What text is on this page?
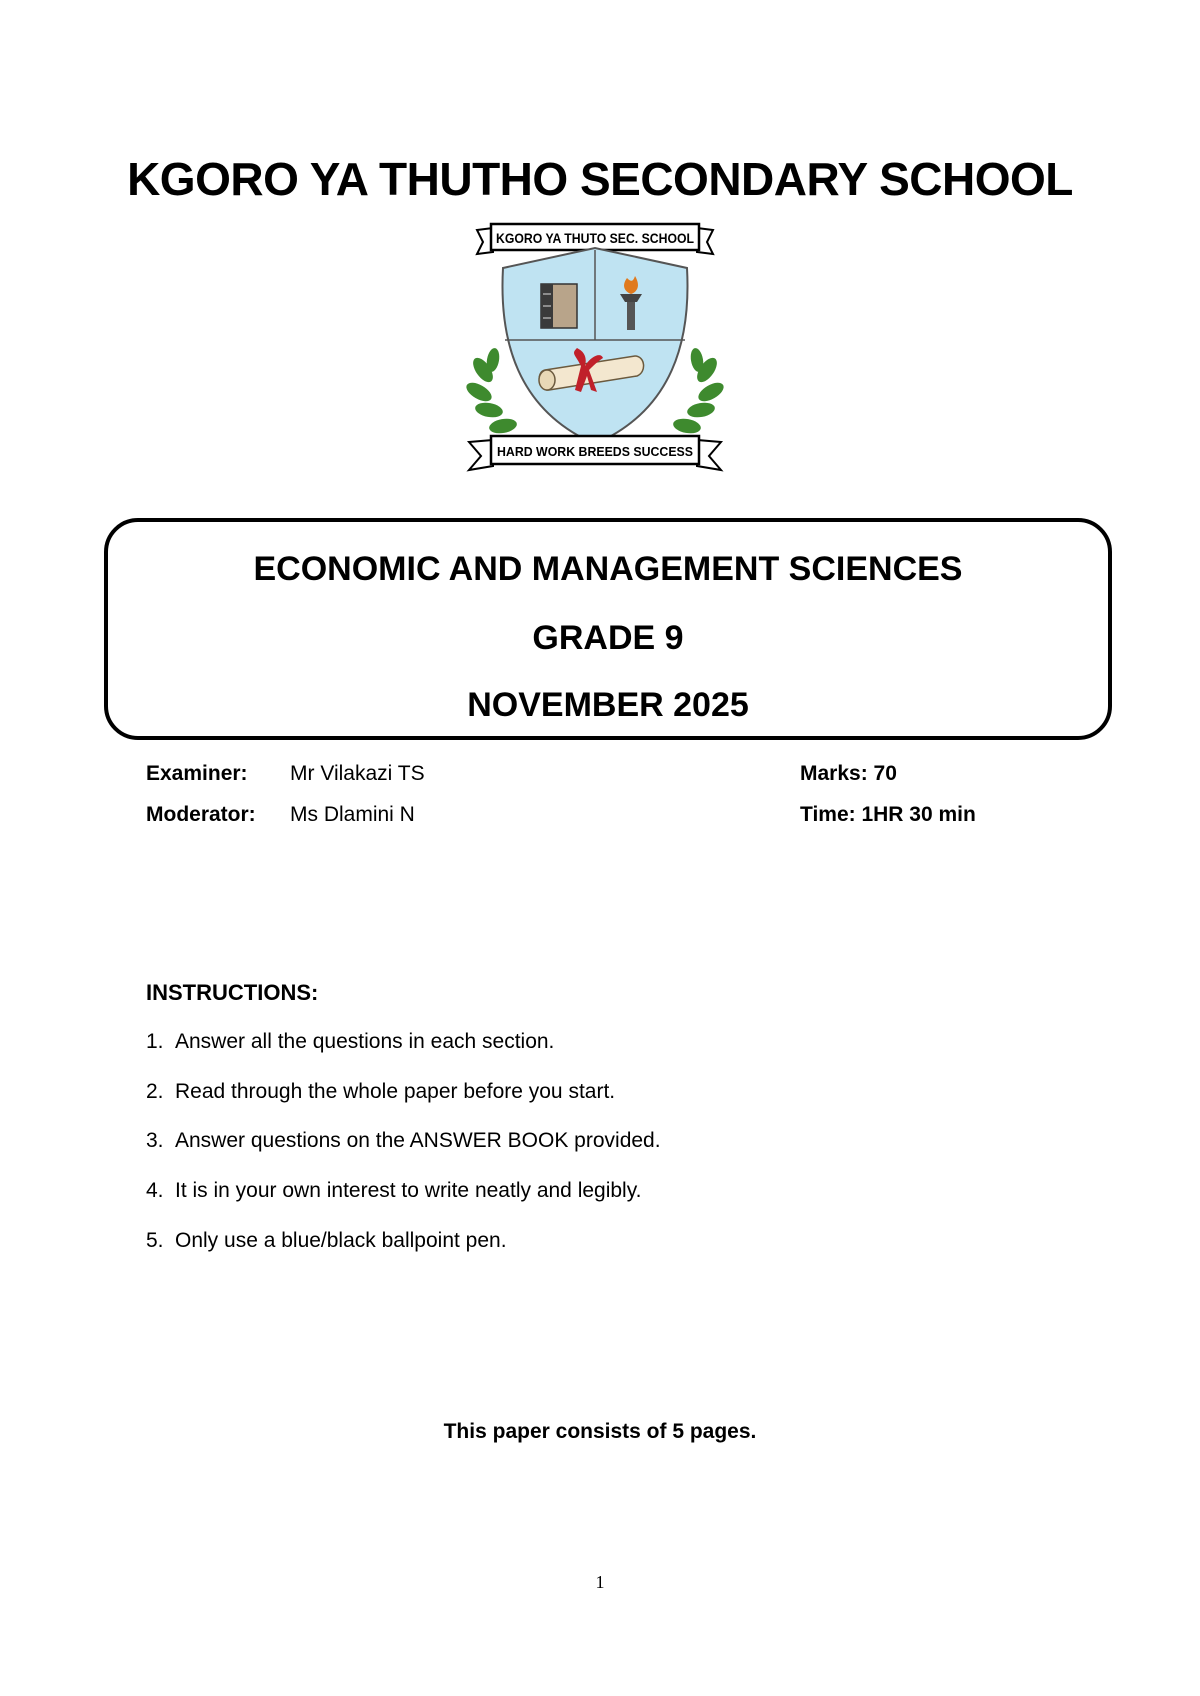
KGORO YA THUTHO SECONDARY SCHOOL
KGORO YA THUTO SEC. SCHOOL
HARD WORK BREEDS SUCCESS
ECONOMIC AND MANAGEMENT SCIENCES
GRADE 9
NOVEMBER 2025
Examiner: Mr Vilakazi TS	Marks: 70
Moderator: Ms Dlamini N	Time: 1HR 30 min
INSTRUCTIONS:
1. Answer all the questions in each section.
2. Read through the whole paper before you start.
3. Answer questions on the ANSWER BOOK provided.
4. It is in your own interest to write neatly and legibly.
5. Only use a blue/black ballpoint pen.
This paper consists of 5 pages.
1
